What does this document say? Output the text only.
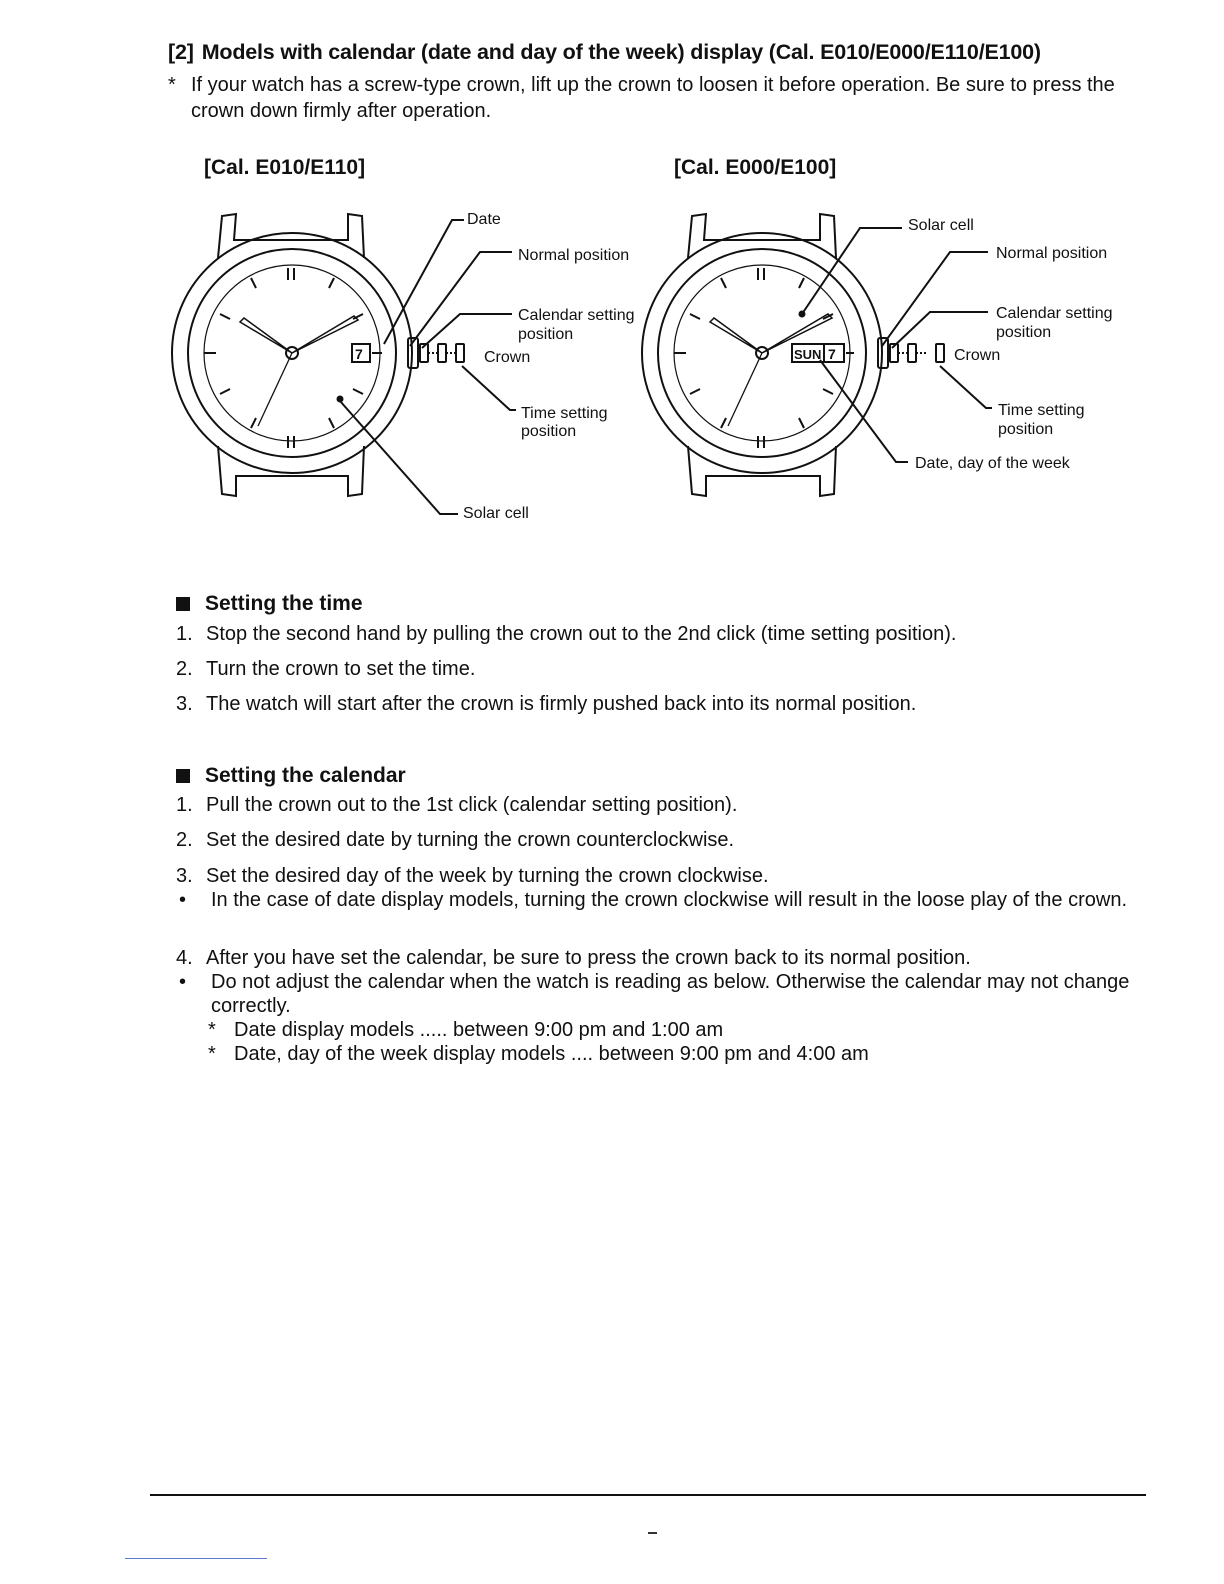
[2] Models with calendar (date and day of the week) display (Cal. E010/E000/E110/E100)
* If your watch has a screw-type crown, lift up the crown to loosen it before operation. Be sure to press the crown down firmly after operation.
[Cal. E010/E110]	[Cal. E000/E100]
7	SUN 7
Date
Normal position
Calendar setting
position
Crown
Time setting
position
Solar cell
Solar cell
Normal position
Calendar setting
position
Crown
Time setting
position
Date, day of the week
Setting the time
1. Stop the second hand by pulling the crown out to the 2nd click (time setting position).
2. Turn the crown to set the time.
3. The watch will start after the crown is firmly pushed back into its normal position.
Setting the calendar
1. Pull the crown out to the 1st click (calendar setting position).
2. Set the desired date by turning the crown counterclockwise.
3. Set the desired day of the week by turning the crown clockwise.
•	In the case of date display models, turning the crown clockwise will result in the loose play of the crown.
4. After you have set the calendar, be sure to press the crown back to its normal position.
•	Do not adjust the calendar when the watch is reading as below. Otherwise the calendar may not change correctly.
* Date display models ..... between 9:00 pm and 1:00 am
* Date, day of the week display models .... between 9:00 pm and 4:00 am
